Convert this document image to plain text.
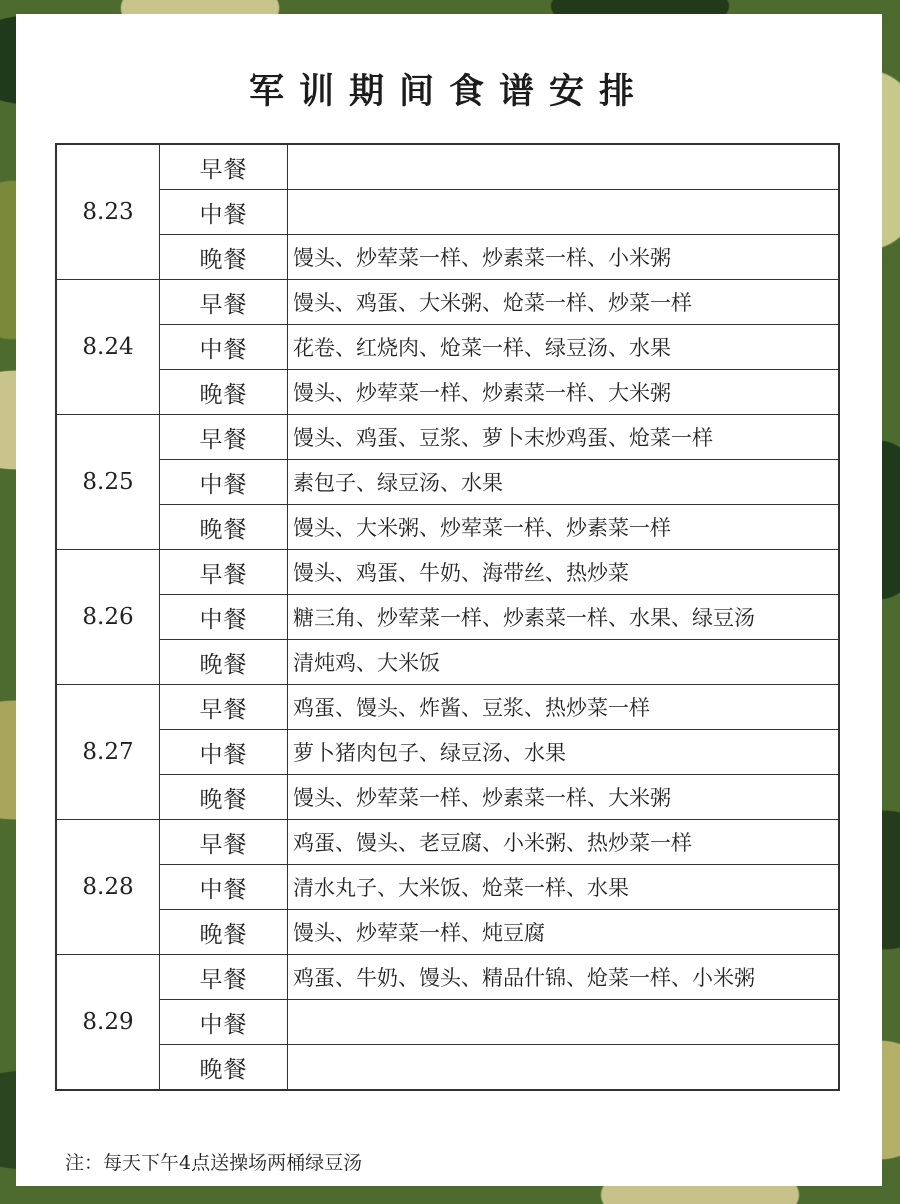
军训期间食谱安排
8.23	早餐	
	中餐	
	晚餐	馒头、炒荤菜一样、炒素菜一样、小米粥
8.24	早餐	馒头、鸡蛋、大米粥、炝菜一样、炒菜一样
	中餐	花卷、红烧肉、炝菜一样、绿豆汤、水果
	晚餐	馒头、炒荤菜一样、炒素菜一样、大米粥
8.25	早餐	馒头、鸡蛋、豆浆、萝卜末炒鸡蛋、炝菜一样
	中餐	素包子、绿豆汤、水果
	晚餐	馒头、大米粥、炒荤菜一样、炒素菜一样
8.26	早餐	馒头、鸡蛋、牛奶、海带丝、热炒菜
	中餐	糖三角、炒荤菜一样、炒素菜一样、水果、绿豆汤
	晚餐	清炖鸡、大米饭
8.27	早餐	鸡蛋、馒头、炸酱、豆浆、热炒菜一样
	中餐	萝卜猪肉包子、绿豆汤、水果
	晚餐	馒头、炒荤菜一样、炒素菜一样、大米粥
8.28	早餐	鸡蛋、馒头、老豆腐、小米粥、热炒菜一样
	中餐	清水丸子、大米饭、炝菜一样、水果
	晚餐	馒头、炒荤菜一样、炖豆腐
8.29	早餐	鸡蛋、牛奶、馒头、精品什锦、炝菜一样、小米粥
	中餐	
	晚餐	
注：每天下午4点送操场两桶绿豆汤
